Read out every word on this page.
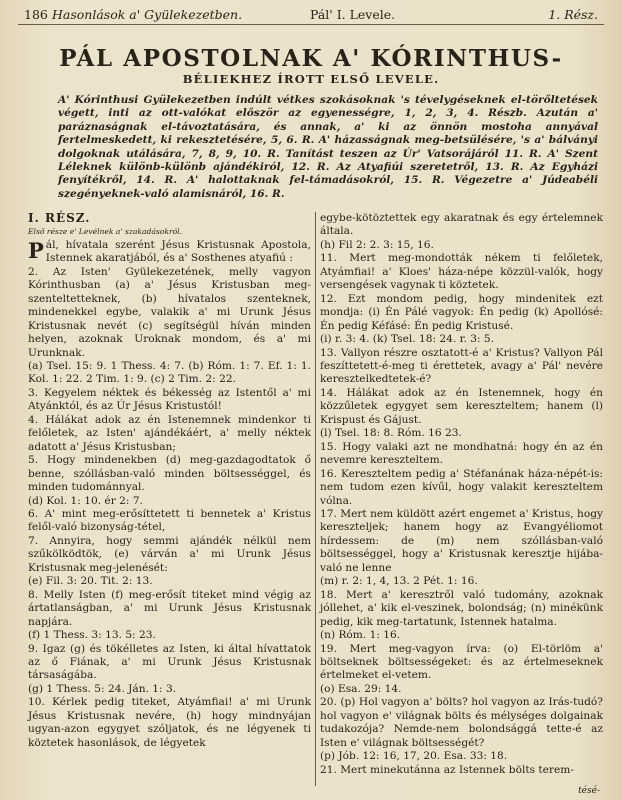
186 Hasonlások a' Gyülekezetben.	Pál' I. Levele.	1. Rész.
PÁL APOSTOLNAK A' KÓRINTHUS-
BÉLIEKHEZ ÍROTT ELSŐ LEVELE.
A' Kórinthusi Gyülekezetben indúlt vétkes szokásoknak 's tévelygéseknek el-törőltetések végett, inti az ott-valókat először az egyenességre, 1, 2, 3, 4. Részb. Azután a' paráznaságnak el-távoztatására, és annak, a' ki az önnön mostoha annyával fertelmeskedett, ki rekesztetésére, 5, 6. R. A' házasságnak meg-betsülésére, 's a' bálványi dolgoknak utálására, 7, 8, 9, 10. R. Tanítást teszen az Úr' Vatsorájáról 11. R. A' Szent Léleknek különb-különb ajándékiról, 12. R. Az Atyafiúi szeretetről, 13. R. Az Egyházi fenyítékről, 14. R. A' halottaknak fel-támadásokról, 15. R. Végezetre a' Júdeabéli szegényeknek-való alamisnáról, 16. R.

I. RÉSZ.

Első része e' Levélnek a' szakadásokról.

Pál, hívatala szerént Jésus Kristusnak Apostola, Istennek akaratjából, és a' Sosthenes atyafiú :

2. Az Isten' Gyülekezetének, melly vagyon Kórinthusban (a) a' Jésus Kristusban meg-szenteltetteknek, (b) hívatalos szenteknek, mindenekkel egybe, valakik a' mi Urunk Jésus Kristusnak nevét (c) segítségül híván minden helyen, azoknak Uroknak mondom, és a' mi Urunknak.

(a) Tsel. 15: 9. 1 Thess. 4: 7. (b) Róm. 1: 7. Ef. 1: 1. Kol. 1: 22. 2 Tim. 1: 9. (c) 2 Tim. 2: 22.

3. Kegyelem néktek és békesség az Istentől a' mi Atyánktól, és az Úr Jésus Kristustól!

4. Hálákat adok az én Istenemnek mindenkor ti felőletek, az Isten' ajándékáért, a' melly néktek adatott a' Jésus Kristusban;

5. Hogy mindenekben (d) meg-gazdagodtatok ő benne, szóllásban-való minden böltsességgel, és minden tudománnyal.

(d) Kol. 1: 10. ér 2: 7.

6. A' mint meg-erősíttetett ti bennetek a' Kristus felől-való bizonyság-tétel,

7. Annyira, hogy semmi ajándék nélkül nem szűkölködtök, (e) várván a' mi Urunk Jésus Kristusnak meg-jelenését:

(e) Fil. 3: 20. Tit. 2: 13.

8. Melly Isten (f) meg-erősít titeket mind végig az ártatlanságban, a' mi Urunk Jésus Kristusnak napjára.

(f) 1 Thess. 3: 13. 5: 23.

9. Igaz (g) és tökélletes az Isten, ki által hívattatok az ő Fiának, a' mi Urunk Jésus Kristusnak társaságába.

(g) 1 Thess. 5: 24. Ján. 1: 3.

10. Kérlek pedig titeket, Atyámfiai! a' mi Urunk Jésus Kristusnak nevére, (h) hogy mindnyájan ugyan-azon egygyet szóljatok, és ne légyenek ti köztetek hasonlások, de légyetek

egybe-kötöztettek egy akaratnak és egy értelemnek általa.

(h) Fil 2: 2. 3: 15, 16.

11. Mert meg-mondották nékem ti felőletek, Atyámfiai! a' Kloes' háza-népe közzül-valók, hogy versengések vagynak ti köztetek.

12. Ezt mondom pedig, hogy mindenitek ezt mondja: (i) Én Pálé vagyok: Én pedig (k) Apollósé: Én pedig Kéfásé: Én pedig Kristusé.

(i) r. 3: 4. (k) Tsel. 18: 24. r. 3: 5.

13. Vallyon részre osztatott-é a' Kristus? Vallyon Pál feszíttetett-é-meg ti érettetek, avagy a' Pál' nevére keresztelkedtetek-é?

14. Hálákat adok az én Istenemnek, hogy én közzűletek egygyet sem kereszteltem; hanem (l) Krispust és Gájust.

(l) Tsel. 18: 8. Róm. 16 23.

15. Hogy valaki azt ne mondhatná: hogy én az én nevemre kereszteltem.

16. Kereszteltem pedig a' Stéfanának háza-népét-is: nem tudom ezen kívűl, hogy valakit kereszteltem vólna.

17. Mert nem küldött azért engemet a' Kristus, hogy kereszteljek; hanem hogy az Evangyéliomot hírdessem: de (m) nem szóllásban-való böltsességgel, hogy a' Kristusnak keresztje hijába-való ne lenne

(m) r. 2: 1, 4, 13. 2 Pét. 1: 16.

18. Mert a' keresztről való tudomány, azoknak jóllehet, a' kik el-veszinek, bolondság; (n) minékünk pedig, kik meg-tartatunk, Istennek hatalma.

(n) Róm. 1: 16.

19. Mert meg-vagyon írva: (o) El-törlöm a' böltseknek böltsességeket: és az értelmeseknek értelmeket el-vetem.

(o) Esa. 29: 14.

20. (p) Hol vagyon a' bölts? hol vagyon az Irás-tudó? hol vagyon e' világnak bölts és mélységes dolgainak tudakozója? Nemde-nem bolondsággá tette-é az Isten e' világnak böltsességét?

(p) Jób. 12: 16, 17, 20. Esa. 33: 18.

21. Mert minekutánna az Istennek bölts terem-

tésé-
